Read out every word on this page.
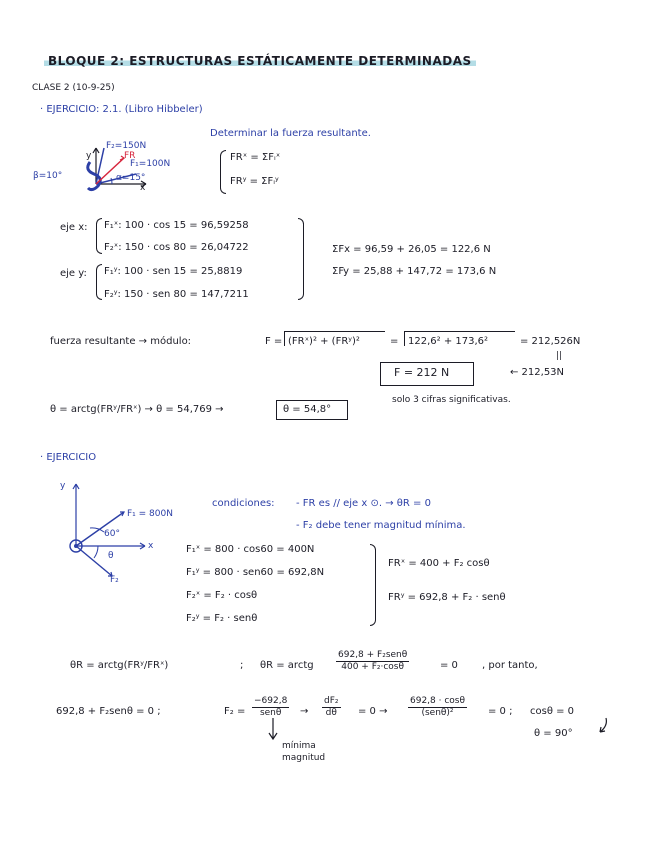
BLOQUE 2: ESTRUCTURAS ESTÁTICAMENTE DETERMINADAS
CLASE 2 (10-9-25)
· EJERCICIO: 2.1. (Libro Hibbeler)
Determinar la fuerza resultante.
β=10°
F₂=150N
F₁=100N
FR
α=15°
y
x
FRˣ = ΣFᵢˣ
FRʸ = ΣFᵢʸ
eje x: F₁ˣ: 100 · cos 15 = 96,59258
F₂ˣ: 150 · cos 80 = 26,04722
eje y: F₁ʸ: 100 · sen 15 = 25,8819
F₂ʸ: 150 · sen 80 = 147,7211
ΣFx = 96,59 + 26,05 = 122,6 N
ΣFy = 25,88 + 147,72 = 173,6 N
fuerza resultante → módulo:	F = (FRˣ)² + (FRʸ)²	= 122,6² + 173,6²	= 212,526N
||
F = 212 N	← 212,53N
solo 3 cifras significativas.
θ = arctg(FRʸ/FRˣ) → θ = 54,769 →	θ = 54,8°
· EJERCICIO
y
x
F₁ = 800N
60°
θ
F₂
condiciones: - FR es // eje x ⊙. → θR = 0
- F₂ debe tener magnitud mínima.
F₁ˣ = 800 · cos60 = 400N
F₁ʸ = 800 · sen60 = 692,8N
F₂ˣ = F₂ · cosθ
F₂ʸ = F₂ · senθ
FRˣ = 400 + F₂ cosθ
FRʸ = 692,8 + F₂ · senθ
θR = arctg(FRʸ/FRˣ)	; θR = arctg
692,8 + F₂senθ
400 + F₂·cosθ	= 0 , por tanto,
692,8 + F₂senθ = 0 ;	F₂ =
−692,8
senθ	→ $\frac{\text{dF₂}}{d\theta} = 0$ →
692,8 · cosθ
(senθ)²	= 0 ; cosθ = 0
θ = 90°
mínima
magnitud
